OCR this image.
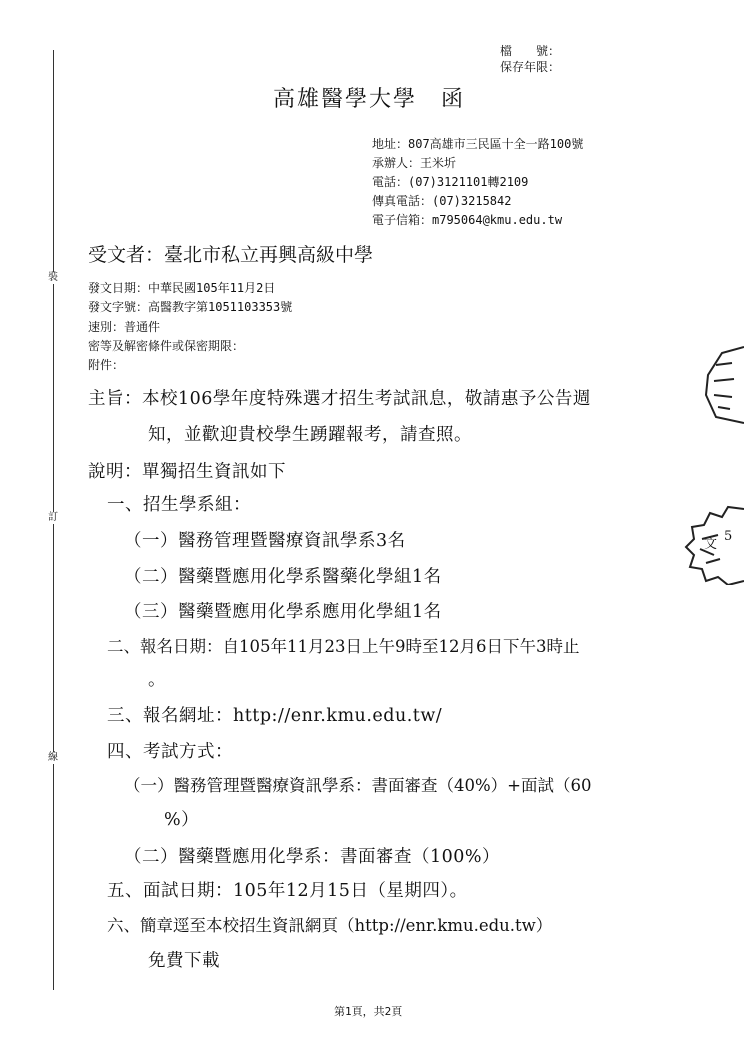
檔　　號：
保存年限：
裝
訂
線
高雄醫學大學　函
地址：807高雄市三民區十全一路100號
承辦人：王米圻
電話：(07)3121101轉2109
傳真電話：(07)3215842
電子信箱：m795064@kmu.edu.tw
受文者：臺北市私立再興高級中學
發文日期：中華民國105年11月2日
發文字號：高醫教字第1051103353號
速別：普通件
密等及解密條件或保密期限：
附件：
主旨：本校106學年度特殊選才招生考試訊息，敬請惠予公告週
知，並歡迎貴校學生踴躍報考，請查照。
說明：單獨招生資訊如下
一、招生學系組：
（一）醫務管理暨醫療資訊學系3名
（二）醫藥暨應用化學系醫藥化學組1名
（三）醫藥暨應用化學系應用化學組1名
二、報名日期：自105年11月23日上午9時至12月6日下午3時止
。
三、報名網址：http://enr.kmu.edu.tw/
四、考試方式：
（一）醫務管理暨醫療資訊學系：書面審查（40%）+面試（60
%）
（二）醫藥暨應用化學系：書面審查（100%）
五、面試日期：105年12月15日（星期四）。
六、簡章逕至本校招生資訊網頁（http://enr.kmu.edu.tw）
免費下載
文
5
第1頁，共2頁
